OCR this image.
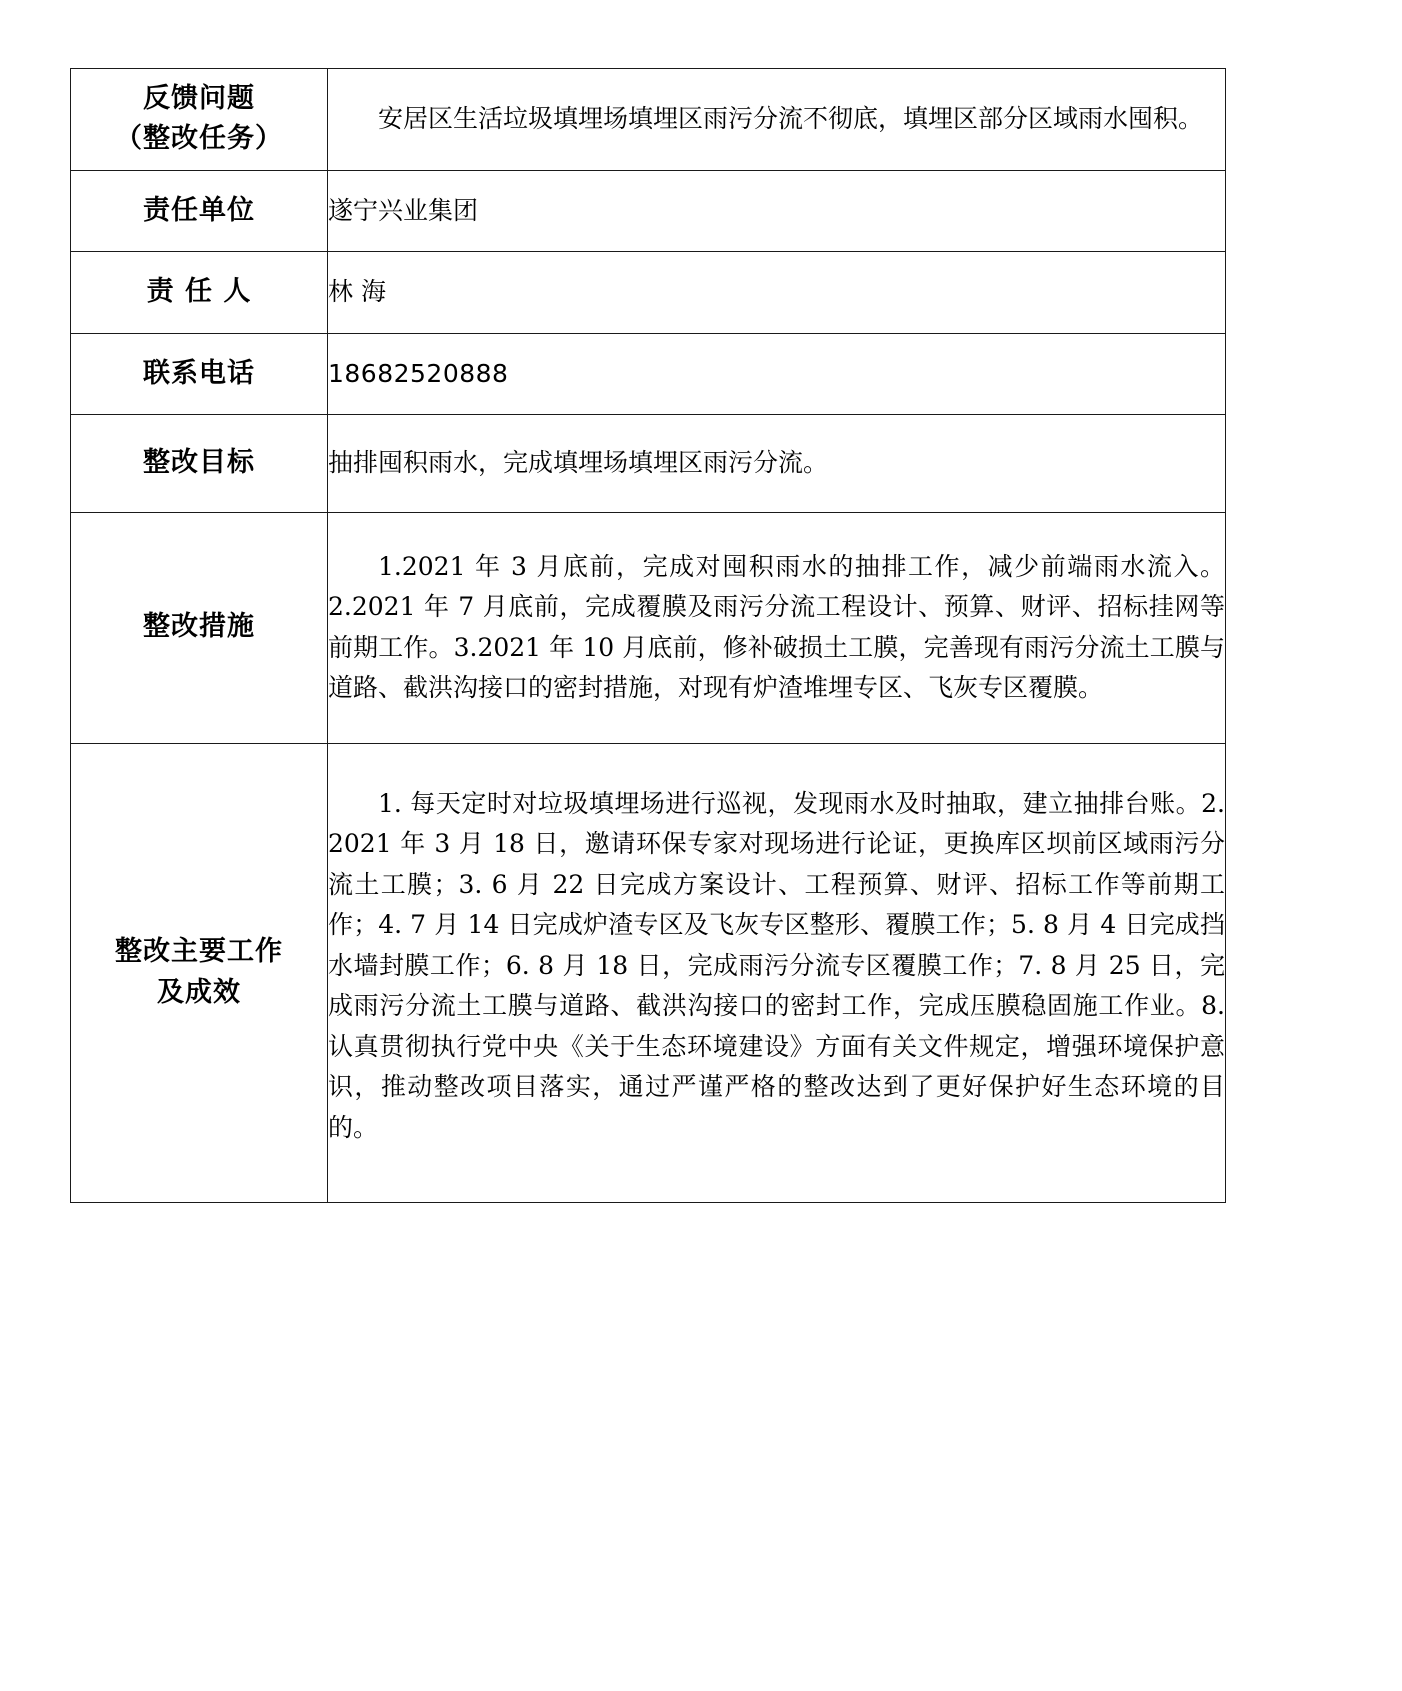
反馈问题
（整改任务）	安居区生活垃圾填埋场填埋区雨污分流不彻底，填埋区部分区域雨水囤积。

责任单位	遂宁兴业集团

责 任 人	林 海

联系电话	18682520888

整改目标	抽排囤积雨水，完成填埋场填埋区雨污分流。

整改措施	1.2021 年 3 月底前，完成对囤积雨水的抽排工作，减少前端雨水流入。 2.2021 年 7 月底前，完成覆膜及雨污分流工程设计、预算、财评、招标挂网等前期工作。3.2021 年 10 月底前，修补破损土工膜，完善现有雨污分流土工膜与道路、截洪沟接口的密封措施，对现有炉渣堆埋专区、飞灰专区覆膜。

整改主要工作
及成效	1. 每天定时对垃圾填埋场进行巡视，发现雨水及时抽取，建立抽排台账。2. 2021 年 3 月 18 日，邀请环保专家对现场进行论证，更换库区坝前区域雨污分流土工膜；3. 6 月 22 日完成方案设计、工程预算、财评、招标工作等前期工作；4. 7 月 14 日完成炉渣专区及飞灰专区整形、覆膜工作；5. 8 月 4 日完成挡水墙封膜工作；6. 8 月 18 日，完成雨污分流专区覆膜工作；7. 8 月 25 日，完成雨污分流土工膜与道路、截洪沟接口的密封工作，完成压膜稳固施工作业。8. 认真贯彻执行党中央《关于生态环境建设》方面有关文件规定，增强环境保护意识，推动整改项目落实，通过严谨严格的整改达到了更好保护好生态环境的目的。
